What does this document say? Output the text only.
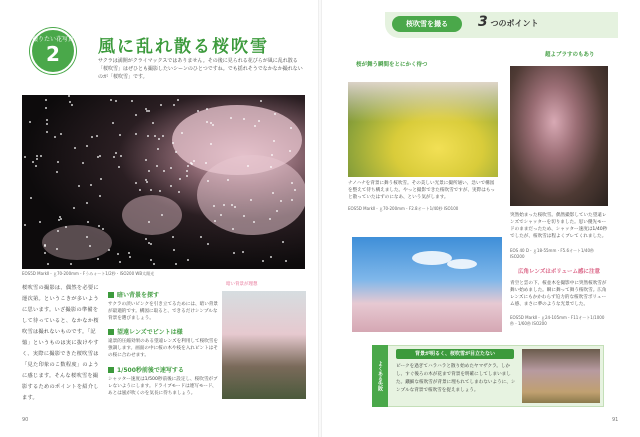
撮りたい花写真
2	風に乱れ散る桜吹雪
サクラは満開がクライマックスではありません。その後に見られる花びらが風に乱れ散る「桜吹雪」はぜひとも撮影したいシーンのひとつですね。でも揺れそうでなかなか撮れないのが「桜吹雪」です。
EOS5D MarkⅡ・ｇ70-200mm・Fうみォート1/2秒・ISO200 WB太陽光
桜吹雪の撮影は、偶然を必要に運次第。というこきが多いように思います。いざ撮影の準備をして待っていると、なかなか桜吹雪は撮れないものです。「記憶」というものは実に抜けやすく、実際に撮影できた桜吹雪は「見た印象のこ数程度」のように感じます。そんな桜吹雪を撮影するためのポイントを紹介します。
暗い背景を探す
サクラの淡いピンクを引き立てるためには、暗い背景が最適的です。構図に取ると、できるだけシンプルな背景を選びましょう。
望遠レンズでピントは様
遠景的圧縮効果のある望遠レンズを利用して桜吹雪を強調します。画面の中に桜の木や枝を入れピントはその桜に合わせます。
1/500秒前後で速写する
シャッター速度は1/500秒前後に設定し、桜吹雪がブレないようにします。ドライブモードは連写モード、あとは風が吹くのを気長に待ちましょう。
暗い背景が理想
90
桜吹雪を撮る	3 つのポイント
桜が舞う瞬間をとにかく待つ
超よブラすのもあり
ナノハナを背景に舞う桜吹雪。その美しい光景に撮所通い、急いで構図を整えて待ち構えました。やっと撮影できた桜吹雪ですが、実際はもっと散っていたはずのになあ、という気がします。
EOS5D MarkⅡ・ｇ70-200mm・F2.8オート1/40秒 ISO100
突然始まった桜吹雪。偶然撮影していた望遠レンズでシャッターを切りました。思い優先モードのままだったため、シャッター速度は1/40秒でしたが、桜吹雪は程よくブレてくれました。
EOS 40 D・ｇ18-55mm・F5.6オート1/40秒 ISO200
広角レンズはボリューム感に注意
青空と雲の下、桜並木を撮影中に突然桜吹雪が舞い始めました。瞬に舞って舞う桜吹雪。広角レンズにもかかわらず迫力的な桜吹雪ボリューム感、まさに夢のような光景でした。
EOS5D MarkⅡ・ｇ24-105mm・F11オート1/1000秒・1/60秒 ISO200
よくある失敗
背景が明るく、桜吹雪が目立たない
ピークを過ぎてハラハラと散り始めたヤマザクラ。しかし、すぐ後ろの木が花まで背景を明確にしてしまいました。鐵細な桜吹雪が背景に埋もれてしまわないように、シンプルな背景で桜吹雪を捉えましょう。
91
